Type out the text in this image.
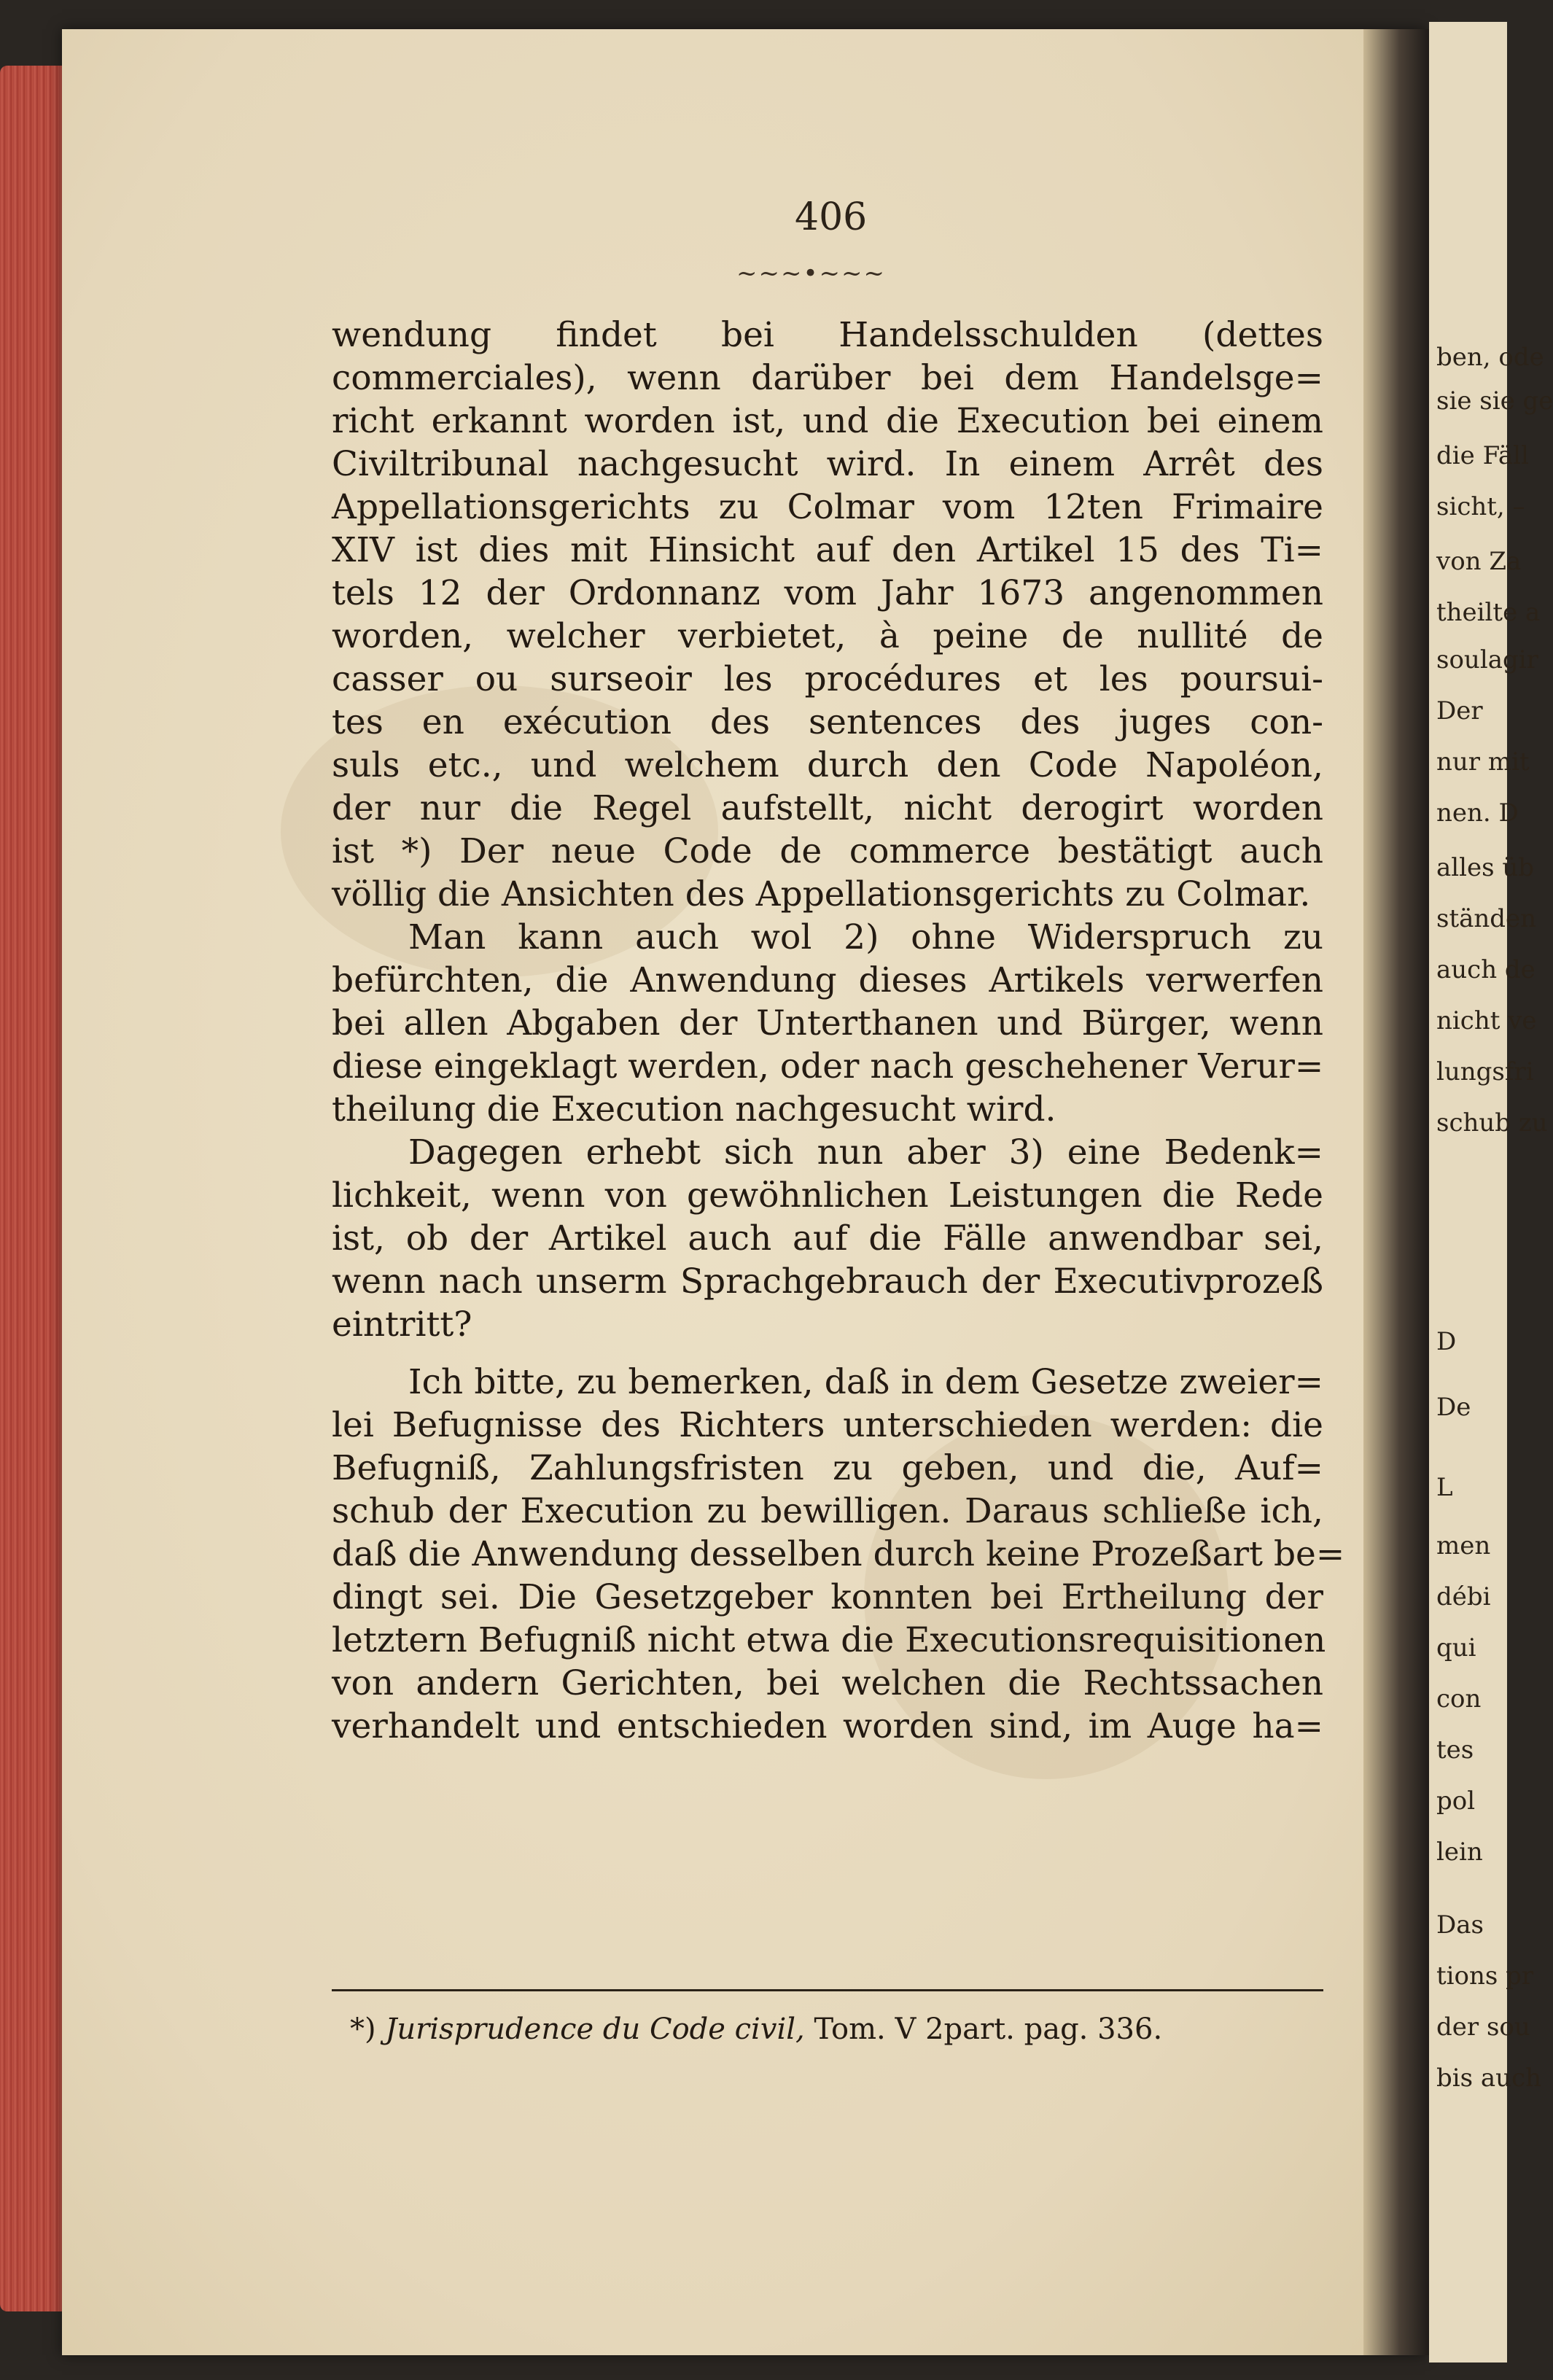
ben, ode
sie sie ge
die Fäll
sicht, –
von Za
theilte a
soulagir
Der
nur mit
nen. D
alles üb
ständen
auch de
nicht ve
lungsfri
schub zu
D
De
L
men
débi
qui
con
tes
pol
lein
Das
tions pr
der sou
bis auch
406
~~~•~~~
wendung findet bei Handelsschulden (dettes
commerciales), wenn darüber bei dem Handelsge=
richt erkannt worden ist, und die Execution bei einem
Civiltribunal nachgesucht wird. In einem Arrêt des
Appellationsgerichts zu Colmar vom 12ten Frimaire
XIV ist dies mit Hinsicht auf den Artikel 15 des Ti=
tels 12 der Ordonnanz vom Jahr 1673 angenommen
worden, welcher verbietet, à peine de nullité de
casser ou surseoir les procédures et les poursui-
tes en exécution des sentences des juges con-
suls etc., und welchem durch den Code Napoléon,
der nur die Regel aufstellt, nicht derogirt worden
ist *) Der neue Code de commerce bestätigt auch
völlig die Ansichten des Appellationsgerichts zu Colmar.
Man kann auch wol 2) ohne Widerspruch zu
befürchten, die Anwendung dieses Artikels verwerfen
bei allen Abgaben der Unterthanen und Bürger, wenn
diese eingeklagt werden, oder nach geschehener Verur=
theilung die Execution nachgesucht wird.
Dagegen erhebt sich nun aber 3) eine Bedenk=
lichkeit, wenn von gewöhnlichen Leistungen die Rede
ist, ob der Artikel auch auf die Fälle anwendbar sei,
wenn nach unserm Sprachgebrauch der Executivprozeß
eintritt?
Ich bitte, zu bemerken, daß in dem Gesetze zweier=
lei Befugnisse des Richters unterschieden werden: die
Befugniß, Zahlungsfristen zu geben, und die, Auf=
schub der Execution zu bewilligen. Daraus schließe ich,
daß die Anwendung desselben durch keine Prozeßart be=
dingt sei. Die Gesetzgeber konnten bei Ertheilung der
letztern Befugniß nicht etwa die Executionsrequisitionen
von andern Gerichten, bei welchen die Rechtssachen
verhandelt und entschieden worden sind, im Auge ha=
*) Jurisprudence du Code civil, Tom. V 2part. pag. 336.
